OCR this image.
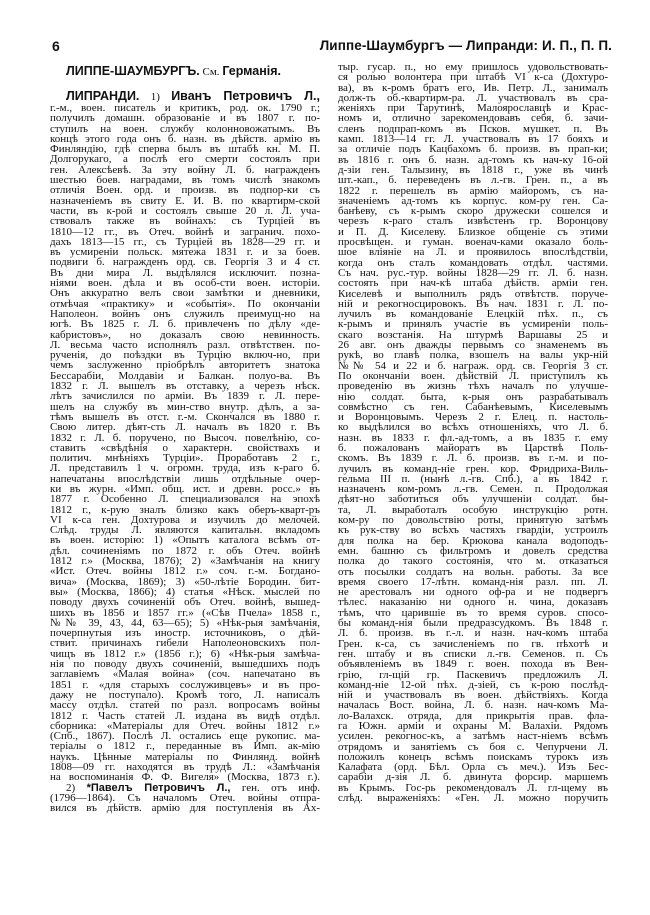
6	Липпе-Шаумбургъ — Липранди: И. П., П. П.
ЛИППЕ-ШАУМБУРГЪ. См. Германія.
ЛИПРАНДИ. 1) Иванъ Петровичъ Л.,
г.-м., воен. писатель и критикъ, род. ок. 1790 г.;
получилъ домашн. образованіе и въ 1807 г. по-
ступилъ на воен. службу колонновожатымъ. Въ
концѣ этого года онъ б. назн. въ дѣйств. армію въ
Финляндію, гдѣ сперва былъ въ штабѣ кн. М. П.
Долгорукаго, а послѣ его смерти состоялъ при
ген. Алексѣевѣ. За эту войну Л. б. награжденъ
шестью боев. наградами, въ томъ числѣ знакомъ
отличія Воен. орд. и произв. въ подпор-ки съ
назначеніемъ въ свиту Е. И. В. по квартирм-ской
части, въ к-рой и состоялъ свыше 20 л. Л. уча-
ствовалъ также въ войнахъ: съ Турціей въ
1810—12 гг., въ Отеч. войнѣ и загранич. похо-
дахъ 1813—15 гг., съ Турціей въ 1828—29 гг. и
въ усмиреніи польск. мятежа 1831 г. и за боев.
подвиги б. награжденъ орд. св. Георгія 3 и 4 ст.
Въ дни мира Л. выдѣлялся исключит. позна-
ніями воен. дѣла и въ особ-сти воен. исторіи.
Онъ аккуратно велъ свои замѣтки и дневники,
отмѣчая «практику» и «событія». По окончаніи
Наполеон. войнъ онъ служилъ преимущ-но на
югѣ. Въ 1825 г. Л. б. привлеченъ по дѣлу «де-
кабристовъ», но доказалъ свою невинность.
Л. весьма часто исполнялъ разл. отвѣтствен. по-
рученія, до поѣздки въ Турцію включ-но, при
чемъ заслуженно пріобрѣлъ авторитетъ знатока
Бессарабіи, Молдавіи и Балкан. полуо-ва. Въ
1832 г. Л. вышелъ въ отставку, а черезъ нѣск.
лѣтъ зачислился по арміи. Въ 1839 г. Л. пере-
шелъ на службу въ мин-ство внутр. дѣлъ, а за-
тѣмъ вышелъ въ отст. г.-м. Скончался въ 1880 г.
Свою литер. дѣят-сть Л. началъ въ 1820 г. Въ
1832 г. Л. б. поручено, по Высоч. повелѣнію, со-
ставить «свѣдѣнія о характерн. свойствахъ и
политич. мнѣніяхъ Турціи». Проработавъ 2 г.,
Л. представилъ 1 ч. огромн. труда, изъ к-раго б.
напечатаны впослѣдствіи лишь отдѣльные очер-
ки въ журн. «Имп. общ. ист. и древн. росс.» въ
1877 г. Особенно Л. специализовался на эпохѣ
1812 г., к-рую зналъ близко какъ оберъ-кварт-ръ
VI к-са ген. Дохтурова и изучилъ до мелочей.
Слѣд. труды Л. являются капитальн. вкладомъ
въ воен. исторію: 1) «Опытъ каталога всѣмъ от-
дѣл. сочиненіямъ по 1872 г. объ Отеч. войнѣ
1812 г.» (Москва, 1876); 2) «Замѣчанія на книгу
«Ист. Отеч. войны 1812 г.» соч. г.-м. Богдано-
вича» (Москва, 1869); 3) «50-лѣтіе Бородин. бит-
вы» (Москва, 1866); 4) статья «Нѣск. мыслей по
поводу двухъ сочиненій объ Отеч. войнѣ, вышед-
шихъ въ 1856 и 1857 гг.» («Сѣв Пчела» 1858 г.,
№№ 39, 43, 44, 63—65); 5) «Нѣк-рыя замѣчанія,
почерпнутыя изъ иностр. источниковъ, о дѣй-
ствит. причинахъ гибели Наполеоновскихъ пол-
чищъ въ 1812 г.» (1856 г.); 6) «Нѣк-рыя замѣча-
нія по поводу двухъ сочиненій, вышедшихъ подъ
заглавіемъ «Малая война» (соч. напечатано въ
1851 г. «для старыхъ сослуживцевъ» и въ про-
дажу не поступало). Кромѣ того, Л. написалъ
массу отдѣл. статей по разл. вопросамъ войны
1812 г. Часть статей Л. издана въ видѣ отдѣл.
сборника: «Матеріалы для Отеч. войны 1812 г.»
(Спб., 1867). Послѣ Л. остались еще рукопис. ма-
теріалы о 1812 г., переданные въ Имп. ак-мію
наукъ. Цѣнные матеріалы по Финлянд. войнѣ
1808—09 гг. находятся въ трудѣ Л.: «Замѣчанія
на воспоминанія Ф. Ф. Вигеля» (Москва, 1873 г.).
2) *Павелъ Петровичъ Л., ген. отъ инф.
(1796—1864). Съ началомъ Отеч. войны отпра-
вился въ дѣйств. армію для поступленія въ Ах-
тыр. гусар. п., но ему пришлось удовольствовать-
ся ролью волонтера при штабѣ VI к-са (Дохтуро-
ва), въ к-ромъ братъ его, Ив. Петр. Л., занималъ
долж-ть об.-квартирм-ра. Л. участвовалъ въ сра-
женіяхъ при Тарутинѣ, Малоярославцѣ и Крас-
номъ и, отлично зарекомендовавъ себя, б. зачи-
сленъ подпрап-комъ въ Псков. мушкет. п. Въ
камп. 1813—14 гг. Л. участвовалъ въ 17 бояхъ и
за отличіе подъ Кацбахомъ б. произв. въ прап-ки;
въ 1816 г. онъ б. назн. ад-томъ къ нач-ку 16-ой
д-зіи ген. Талызину, въ 1818 г., уже въ чинѣ
шт.-кап., б. переведенъ въ л.-гв. Грен. п., а въ
1822 г. перешелъ въ армію майоромъ, съ на-
значеніемъ ад-томъ къ корпус. ком-ру ген. Са-
банѣеву, съ к-рымъ скоро дружески сошелся и
черезъ к-раго сталъ извѣстенъ гр. Воронцову
и П. Д. Киселеву. Близкое общеніе съ этими
просвѣщен. и гуман. военач-ками оказало боль-
шое вліяніе на Л. и проявилось впослѣдствіи,
когда онъ сталъ командовать отдѣл. частями.
Съ нач. рус.-тур. войны 1828—29 гг. Л. б. назн.
состоять при нач-кѣ штаба дѣйств. арміи ген.
Киселевѣ и выполнилъ рядъ отвѣтств. поруче-
ній и рекогносцировокъ. Въ нач. 1831 г. Л. по-
лучилъ въ командованіе Елецкій пѣх. п., съ
к-рымъ и принялъ участіе въ усмиреніи поль-
скаго возстанія. На штурмѣ Варшавы 25 и
26 авг. онъ дважды первымъ со знаменемъ въ
рукѣ, во главѣ полка, взошелъ на валы укр-ній
№№ 54 и 22 и б. награж. орд. св. Георгія 3 ст.
По окончаніи воен. дѣйствій Л. приступилъ къ
проведенію въ жизнь тѣхъ началъ по улучше-
нію солдат. быта, к-рыя онъ разрабатывалъ
совмѣстно съ ген. Сабанѣевымъ, Киселевымъ
и Воронцовымъ. Черезъ 2 г. Елец. п. настоль-
ко выдѣлился во всѣхъ отношеніяхъ, что Л. б.
назн. въ 1833 г. фл.-ад-томъ, а въ 1835 г. ему
б. пожалованъ майоратъ въ Царствѣ Поль-
скомъ. Въ 1839 г. Л. б. произв. въ г.-м. и по-
лучилъ въ команд-ніе грен. кор. Фридриха-Виль-
гельма III п. (нынѣ л.-гв. Спб.), а въ 1842 г.
назначенъ ком-ромъ л.-гв. Семен. п. Продолжая
дѣят-но заботиться объ улучшеніи солдат. бы-
та, Л. выработалъ особую инструкцію ротн.
ком-ру по довольствію роты, принятую затѣмъ
къ рук-ству во всѣхъ частяхъ гвардіи, устроилъ
для полка на бер. Крюкова канала водоподъ-
емн. башню съ фильтромъ и довелъ средства
полка до такого состоянія, что м. отказаться
отъ посылки солдатъ на вольн. работы. За все
время своего 17-лѣтн. команд-нія разл. пп. Л.
не арестовалъ ни одного оф-ра и не подвергъ
тѣлес. наказанію ни одного н. чина, доказавъ
тѣмъ, что царившіе въ то время суров. спосо-
бы команд-нія были предразсудкомъ. Въ 1848 г.
Л. б. произв. въ г.-л. и назн. нач-комъ штаба
Грен. к-са, съ зачисленіемъ по гв. пѣхотѣ и
ген. штабу и въ списки л.-гв. Семенов. п. Съ
объявленіемъ въ 1849 г. воен. похода въ Вен-
грію, гл-щій гр. Паскевичъ предложилъ Л.
команд-ніе 12-ой пѣх. д-зіей, съ к-рою послѣд-
ній и участвовалъ въ воен. дѣйствіяхъ. Когда
началась Вост. война, Л. б. назн. нач-комъ Ма-
ло-Валахск. отряда, для прикрытія прав. фла-
га Южн. арміи и охраны М. Валахіи. Рядомъ
усилен. рекогнос-къ, а затѣмъ наст-ніемъ всѣмъ
отрядомъ и занятіемъ съ боя с. Чепурчени Л.
положилъ конецъ всѣмъ поискамъ турокъ изъ
Калафата (орд. Бѣл. Орла съ меч.). Изъ Бес-
сарабіи д-зія Л. б. двинута форсир. маршемъ
въ Крымъ. Гос-рь рекомендовалъ Л. гл-щему въ
слѣд. выраженіяхъ: «Ген. Л. можно поручить
